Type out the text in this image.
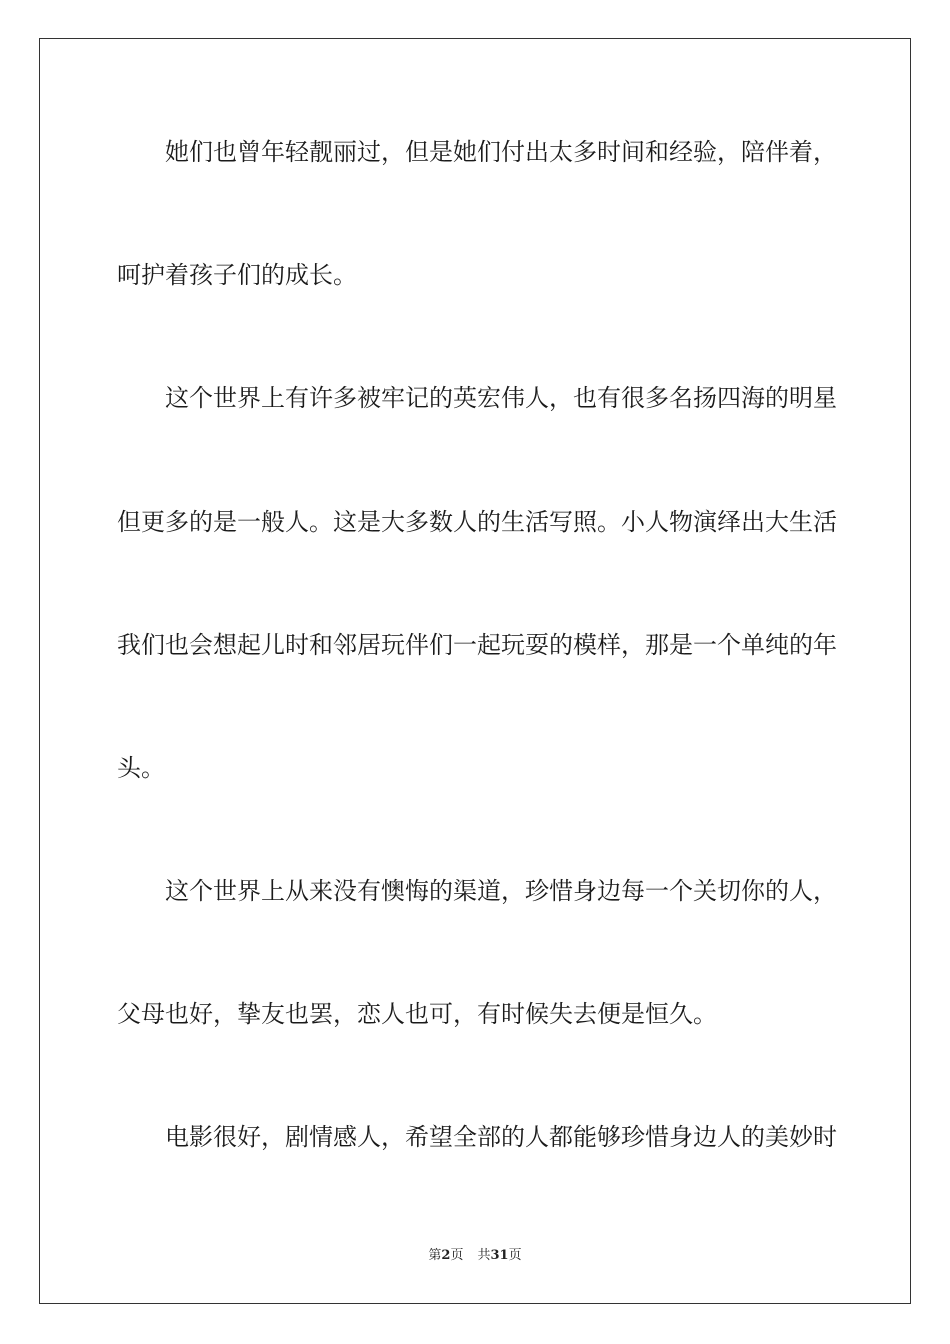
她们也曾年轻靓丽过，但是她们付出太多时间和经验，陪伴着，
呵护着孩子们的成长。
这个世界上有许多被牢记的英宏伟人，也有很多名扬四海的明星
但更多的是一般人。这是大多数人的生活写照。小人物演绎出大生活
我们也会想起儿时和邻居玩伴们一起玩耍的模样，那是一个单纯的年
头。
这个世界上从来没有懊悔的渠道，珍惜身边每一个关切你的人，
父母也好，挚友也罢，恋人也可，有时候失去便是恒久。
电影很好，剧情感人，希望全部的人都能够珍惜身边人的美妙时
第2页 共31页
